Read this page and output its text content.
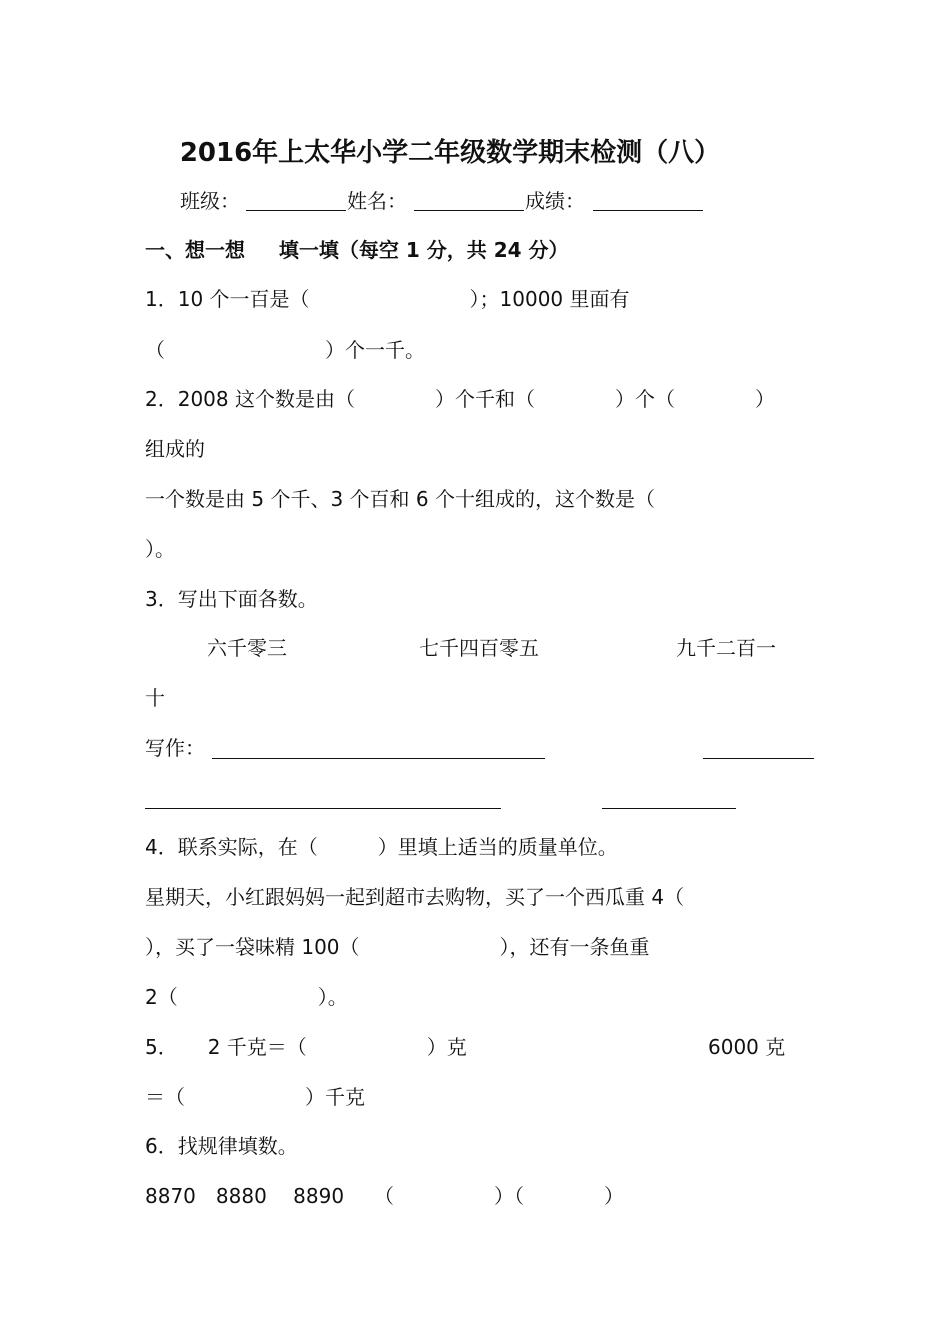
2016年上太华小学二年级数学期末检测（八）
班级：	姓名：	成绩：
一、想一想　  填一填（每空 1 分，共 24 分）
1．10 个一百是（　　　　　　　　）；10000 里面有
（　　　　　　　　）个一千。
2．2008 这个数是由（　　　　）个千和（　　　　）个（　　　　）
组成的
一个数是由 5 个千、3 个百和 6 个十组成的，这个数是（
）。
3．写出下面各数。
六千零三	七千四百零五	九千二百一
十
写作：
4．联系实际，在（　　　）里填上适当的质量单位。
星期天，小红跟妈妈一起到超市去购物，买了一个西瓜重 4（
），买了一袋味精 100（　　　　　　　），还有一条鱼重
2（　　　　　　　）。
5．　　2 千克＝（　　　　　　）克	6000 克
＝（　　　　　　）千克
6．找规律填数。
8870　8880　 8890　　（　　　　　）（　　　　）
